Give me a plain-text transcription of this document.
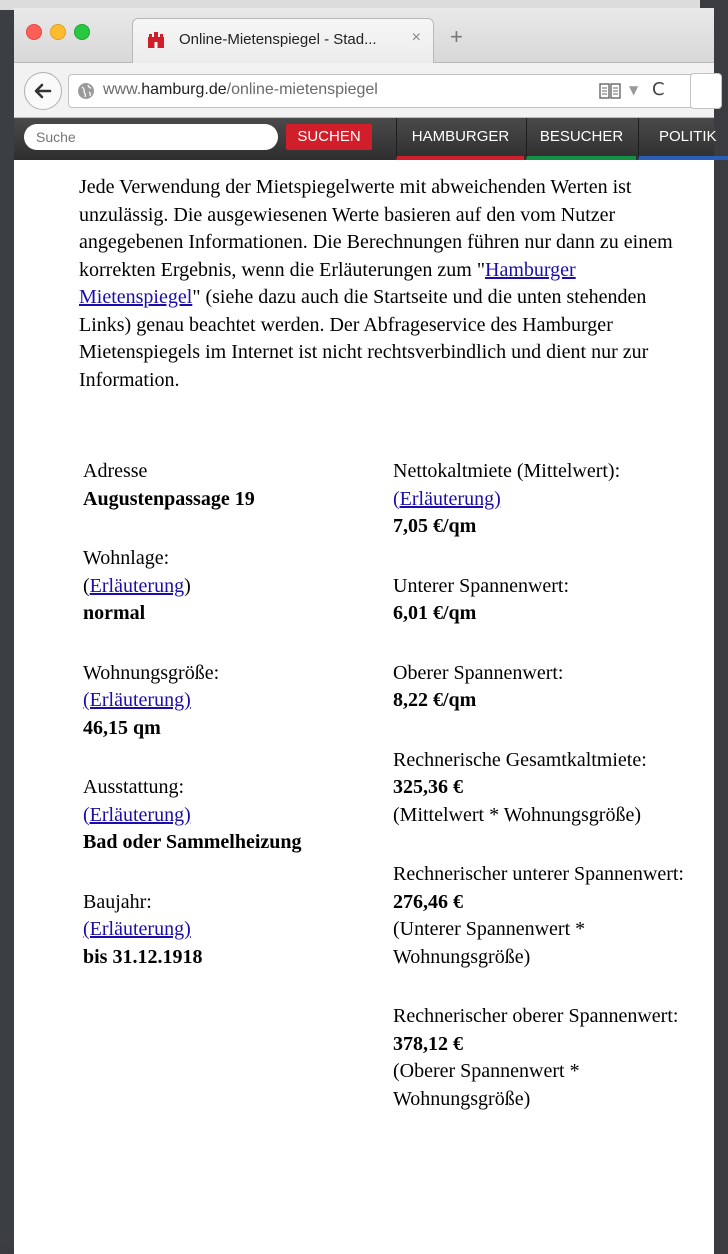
Online-Mietenspiegel - Stad... × +
www.hamburg.de/online-mietenspiegel	▼ C
Suche
SUCHEN	HAMBURGER	BESUCHER	POLITIK
Jede Verwendung der Mietspiegelwerte mit abweichenden Werten ist unzulässig. Die ausgewiesenen Werte basieren auf den vom Nutzer angegebenen Informationen. Die Berechnungen führen nur dann zu einem korrekten Ergebnis, wenn die Erläuterungen zum "Hamburger Mietenspiegel" (siehe dazu auch die Startseite und die unten stehenden Links) genau beachtet werden. Der Abfrageservice des Hamburger Mietenspiegels im Internet ist nicht rechtsverbindlich und dient nur zur Information.
Adresse
Augustenpassage 19
Wohnlage:
(Erläuterung)
normal
Wohnungsgröße:
(Erläuterung)
46,15 qm
Ausstattung:
(Erläuterung)
Bad oder Sammelheizung
Baujahr:
(Erläuterung)
bis 31.12.1918
Nettokaltmiete (Mittelwert):
(Erläuterung)
7,05 €/qm
Unterer Spannenwert:
6,01 €/qm
Oberer Spannenwert:
8,22 €/qm
Rechnerische Gesamtkaltmiete:
325,36 €
(Mittelwert * Wohnungsgröße)
Rechnerischer unterer Spannenwert:
276,46 €
(Unterer Spannenwert * Wohnungsgröße)
Rechnerischer oberer Spannenwert:
378,12 €
(Oberer Spannenwert * Wohnungsgröße)
